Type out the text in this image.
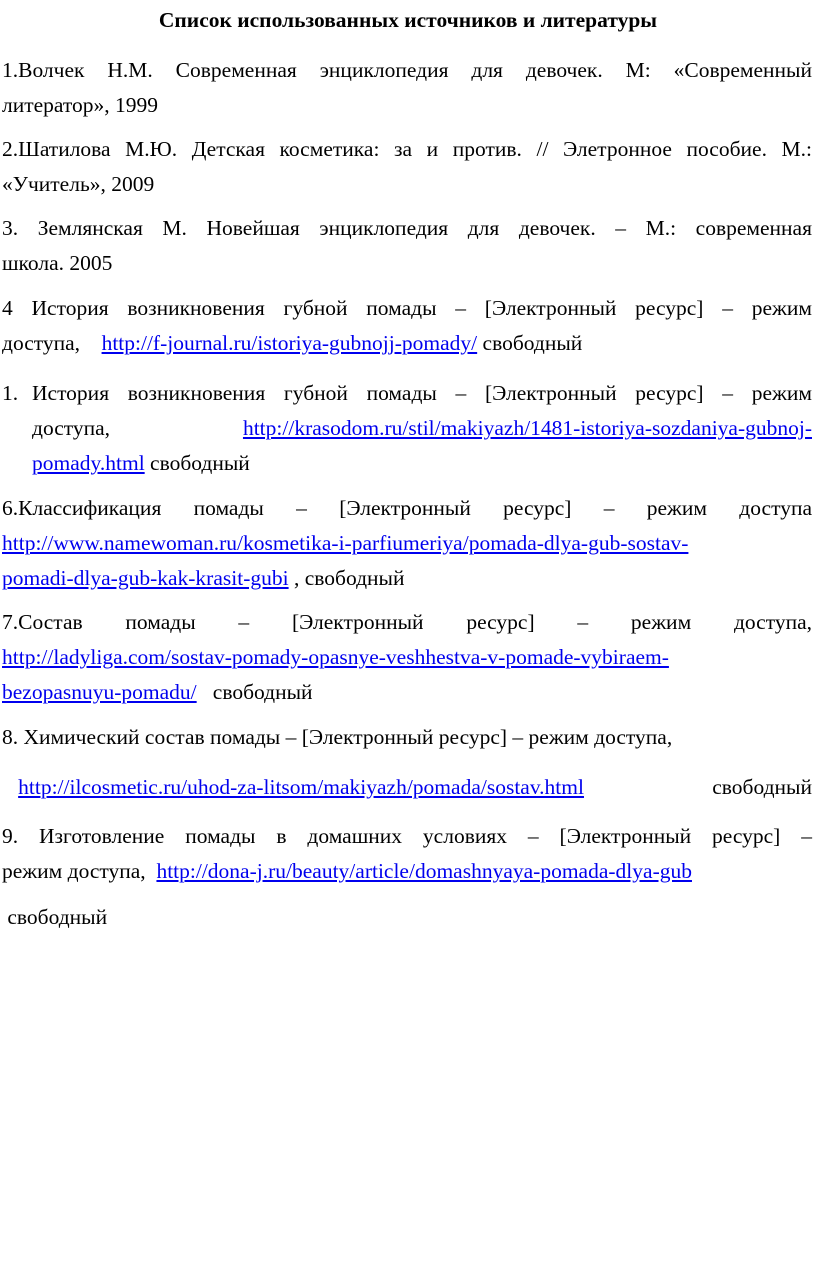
Список использованных источников и литературы
1.Волчек Н.М. Современная энциклопедия для девочек. М: «Современный
литератор», 1999
2.Шатилова М.Ю. Детская косметика: за и против. // Элетронное пособие. М.:
«Учитель», 2009
3. Землянская М. Новейшая энциклопедия для девочек. – М.: современная
школа. 2005
4 История возникновения губной помады – [Электронный ресурс] – режим
доступа, http://f-journal.ru/istoriya-gubnojj-pomady/ свободный
1. История возникновения губной помады – [Электронный ресурс] – режим
доступа,	http://krasodom.ru/stil/makiyazh/1481-istoriya-sozdaniya-gubnoj-
pomady.html свободный
6.Классификация помады – [Электронный ресурс] – режим доступа
http://www.namewoman.ru/kosmetika-i-parfiumeriya/pomada-dlya-gub-sostav-
pomadi-dlya-gub-kak-krasit-gubi , свободный
7.Состав помады – [Электронный ресурс] – режим доступа,
http://ladyliga.com/sostav-pomady-opasnye-veshhestva-v-pomade-vybiraem-
bezopasnuyu-pomadu/ свободный
8. Химический состав помады – [Электронный ресурс] – режим доступа,
http://ilcosmetic.ru/uhod-za-litsom/makiyazh/pomada/sostav.html	свободный
9. Изготовление помады в домашних условиях – [Электронный ресурс] –
режим доступа, http://dona-j.ru/beauty/article/domashnyaya-pomada-dlya-gub
свободный
